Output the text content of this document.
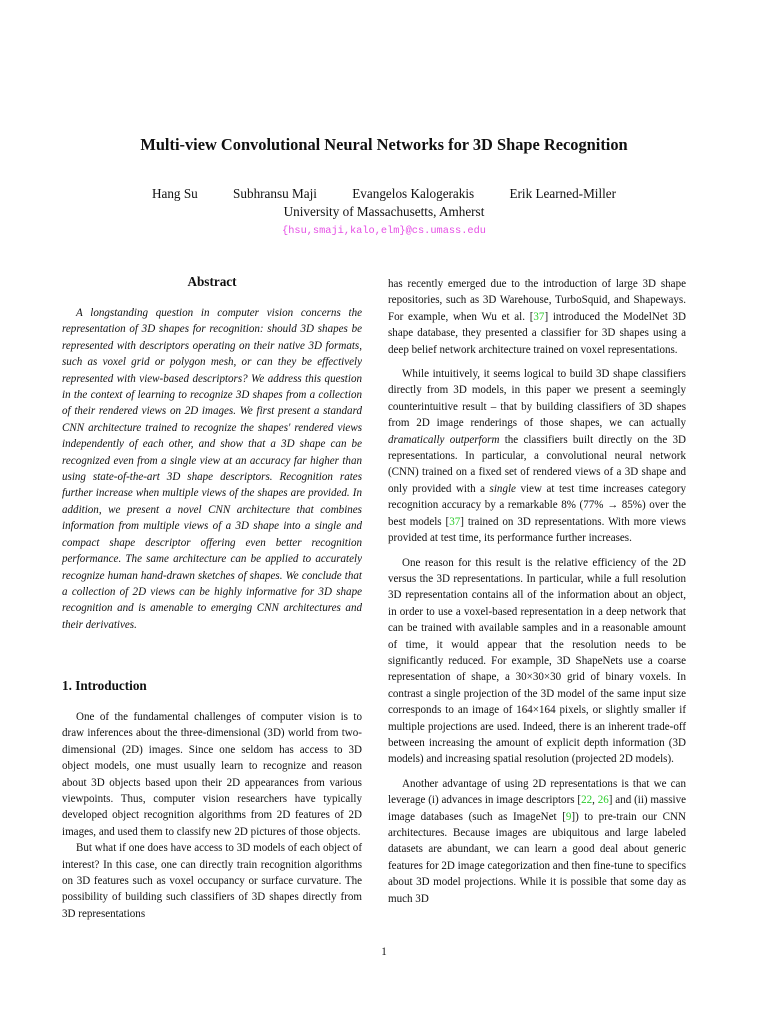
Multi-view Convolutional Neural Networks for 3D Shape Recognition
Hang Su	Subhransu Maji	Evangelos Kalogerakis	Erik Learned-Miller
University of Massachusetts, Amherst
{hsu,smaji,kalo,elm}@cs.umass.edu
Abstract
A longstanding question in computer vision concerns the representation of 3D shapes for recognition: should 3D shapes be represented with descriptors operating on their native 3D formats, such as voxel grid or polygon mesh, or can they be effectively represented with view-based descriptors? We address this question in the context of learning to recognize 3D shapes from a collection of their rendered views on 2D images. We first present a standard CNN architecture trained to recognize the shapes' rendered views independently of each other, and show that a 3D shape can be recognized even from a single view at an accuracy far higher than using state-of-the-art 3D shape descriptors. Recognition rates further increase when multiple views of the shapes are provided. In addition, we present a novel CNN architecture that combines information from multiple views of a 3D shape into a single and compact shape descriptor offering even better recognition performance. The same architecture can be applied to accurately recognize human hand-drawn sketches of shapes. We conclude that a collection of 2D views can be highly informative for 3D shape recognition and is amenable to emerging CNN architectures and their derivatives.
1. Introduction

One of the fundamental challenges of computer vision is to draw inferences about the three-dimensional (3D) world from two-dimensional (2D) images. Since one seldom has access to 3D object models, one must usually learn to recognize and reason about 3D objects based upon their 2D appearances from various viewpoints. Thus, computer vision researchers have typically developed object recognition algorithms from 2D features of 2D images, and used them to classify new 2D pictures of those objects.

But what if one does have access to 3D models of each object of interest? In this case, one can directly train recognition algorithms on 3D features such as voxel occupancy or surface curvature. The possibility of building such classifiers of 3D shapes directly from 3D representations

has recently emerged due to the introduction of large 3D shape repositories, such as 3D Warehouse, TurboSquid, and Shapeways. For example, when Wu et al. [37] introduced the ModelNet 3D shape database, they presented a classifier for 3D shapes using a deep belief network architecture trained on voxel representations.

While intuitively, it seems logical to build 3D shape classifiers directly from 3D models, in this paper we present a seemingly counterintuitive result – that by building classifiers of 3D shapes from 2D image renderings of those shapes, we can actually dramatically outperform the classifiers built directly on the 3D representations. In particular, a convolutional neural network (CNN) trained on a fixed set of rendered views of a 3D shape and only provided with a single view at test time increases category recognition accuracy by a remarkable 8% (77% → 85%) over the best models [37] trained on 3D representations. With more views provided at test time, its performance further increases.

One reason for this result is the relative efficiency of the 2D versus the 3D representations. In particular, while a full resolution 3D representation contains all of the information about an object, in order to use a voxel-based representation in a deep network that can be trained with available samples and in a reasonable amount of time, it would appear that the resolution needs to be significantly reduced. For example, 3D ShapeNets use a coarse representation of shape, a 30×30×30 grid of binary voxels. In contrast a single projection of the 3D model of the same input size corresponds to an image of 164×164 pixels, or slightly smaller if multiple projections are used. Indeed, there is an inherent trade-off between increasing the amount of explicit depth information (3D models) and increasing spatial resolution (projected 2D models).

Another advantage of using 2D representations is that we can leverage (i) advances in image descriptors [22, 26] and (ii) massive image databases (such as ImageNet [9]) to pre-train our CNN architectures. Because images are ubiquitous and large labeled datasets are abundant, we can learn a good deal about generic features for 2D image categorization and then fine-tune to specifics about 3D model projections. While it is possible that some day as much 3D

1
